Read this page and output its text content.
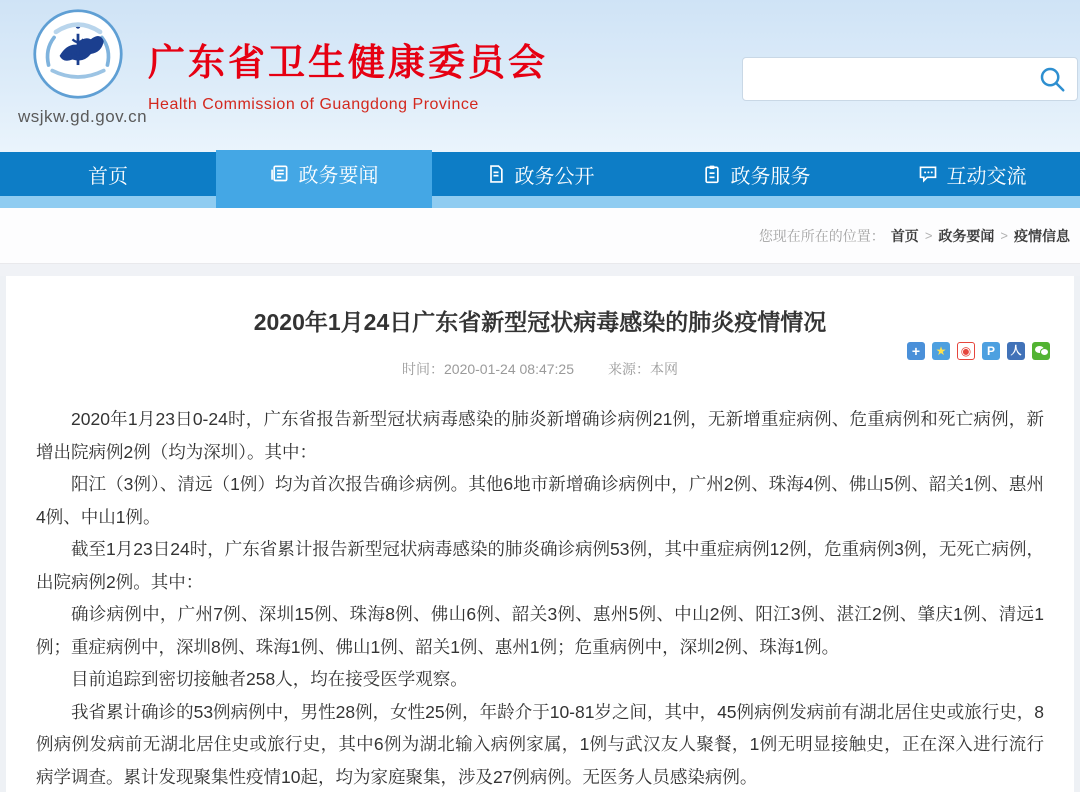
wsjkw.gd.gov.cn
广东省卫生健康委员会
Health Commission of Guangdong Province
首页	政务要闻	政务公开	政务服务	互动交流
您现在所在的位置： 首页 > 政务要闻 > 疫情信息
2020年1月24日广东省新型冠状病毒感染的肺炎疫情情况
时间：2020-01-24 08:47:25 来源：本网
+	★	◉	P	人

2020年1月23日0-24时，广东省报告新型冠状病毒感染的肺炎新增确诊病例21例，无新增重症病例、危重病例和死亡病例，新增出院病例2例（均为深圳）。其中：

阳江（3例）、清远（1例）均为首次报告确诊病例。其他6地市新增确诊病例中，广州2例、珠海4例、佛山5例、韶关1例、惠州4例、中山1例。

截至1月23日24时，广东省累计报告新型冠状病毒感染的肺炎确诊病例53例，其中重症病例12例，危重病例3例，无死亡病例，出院病例2例。其中：

确诊病例中，广州7例、深圳15例、珠海8例、佛山6例、韶关3例、惠州5例、中山2例、阳江3例、湛江2例、肇庆1例、清远1例；重症病例中，深圳8例、珠海1例、佛山1例、韶关1例、惠州1例；危重病例中，深圳2例、珠海1例。

目前追踪到密切接触者258人，均在接受医学观察。

我省累计确诊的53例病例中，男性28例，女性25例，年龄介于10-81岁之间，其中，45例病例发病前有湖北居住史或旅行史，8例病例发病前无湖北居住史或旅行史，其中6例为湖北输入病例家属，1例与武汉友人聚餐，1例无明显接触史，正在深入进行流行病学调查。累计发现聚集性疫情10起，均为家庭聚集，涉及27例病例。无医务人员感染病例。
